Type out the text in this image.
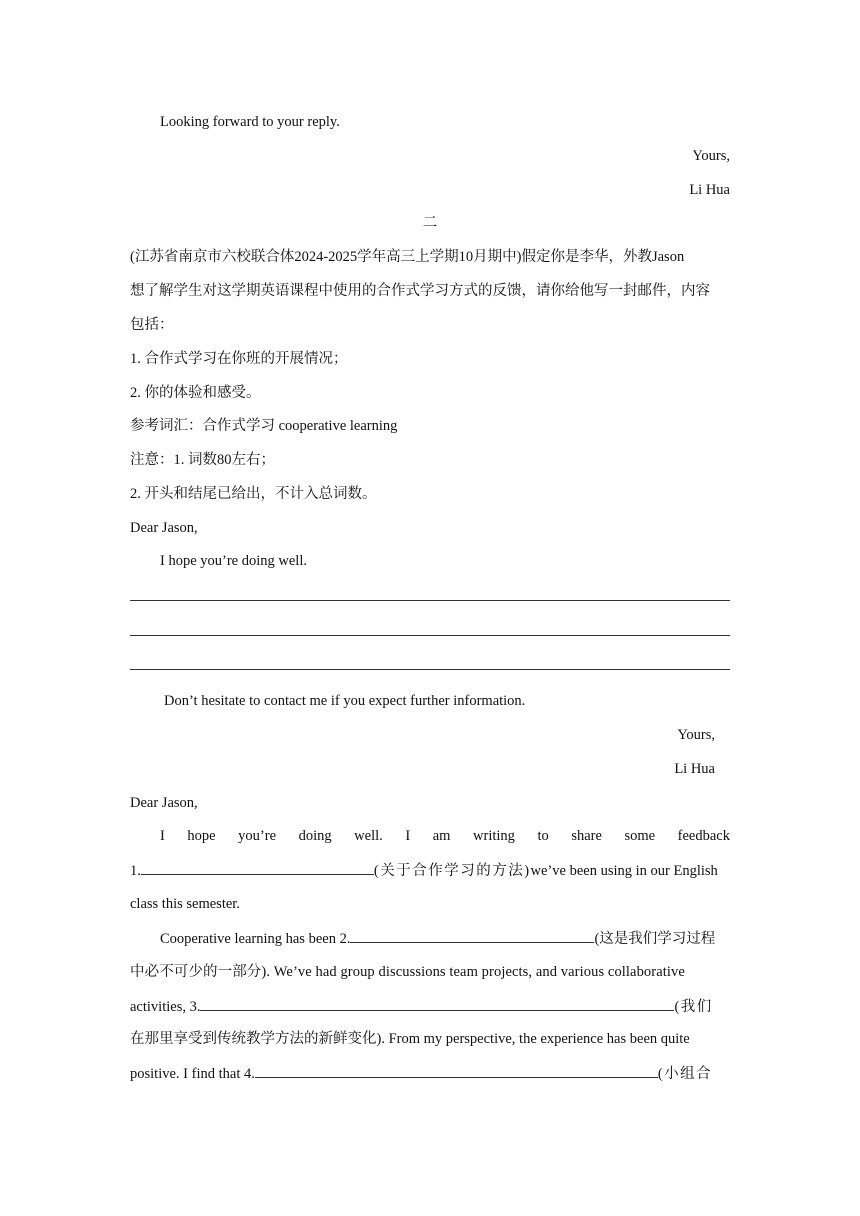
Looking forward to your reply.
Yours,
Li Hua
二
(江苏省南京市六校联合体2024-2025学年高三上学期10月期中)假定你是李华，外教Jason
想了解学生对这学期英语课程中使用的合作式学习方式的反馈，请你给他写一封邮件，内容
包括：
1. 合作式学习在你班的开展情况；
2. 你的体验和感受。
参考词汇：合作式学习 cooperative learning
注意：1. 词数80左右；
2. 开头和结尾已给出，不计入总词数。
Dear Jason,
I hope you’re doing well.
Don’t hesitate to contact me if you expect further information.
Yours,
Li Hua
Dear Jason,
I hope you’re doing well. I am writing to share some feedback
1.	(关于合作学习的方法)we’ve been using in our English
class this semester.
Cooperative learning has been 2.	(这是我们学习过程
中必不可少的一部分). We’ve had group discussions team projects, and various collaborative
activities, 3.	(我们
在那里享受到传统教学方法的新鲜变化). From my perspective, the experience has been quite
positive. I find that 4.	(小组合
